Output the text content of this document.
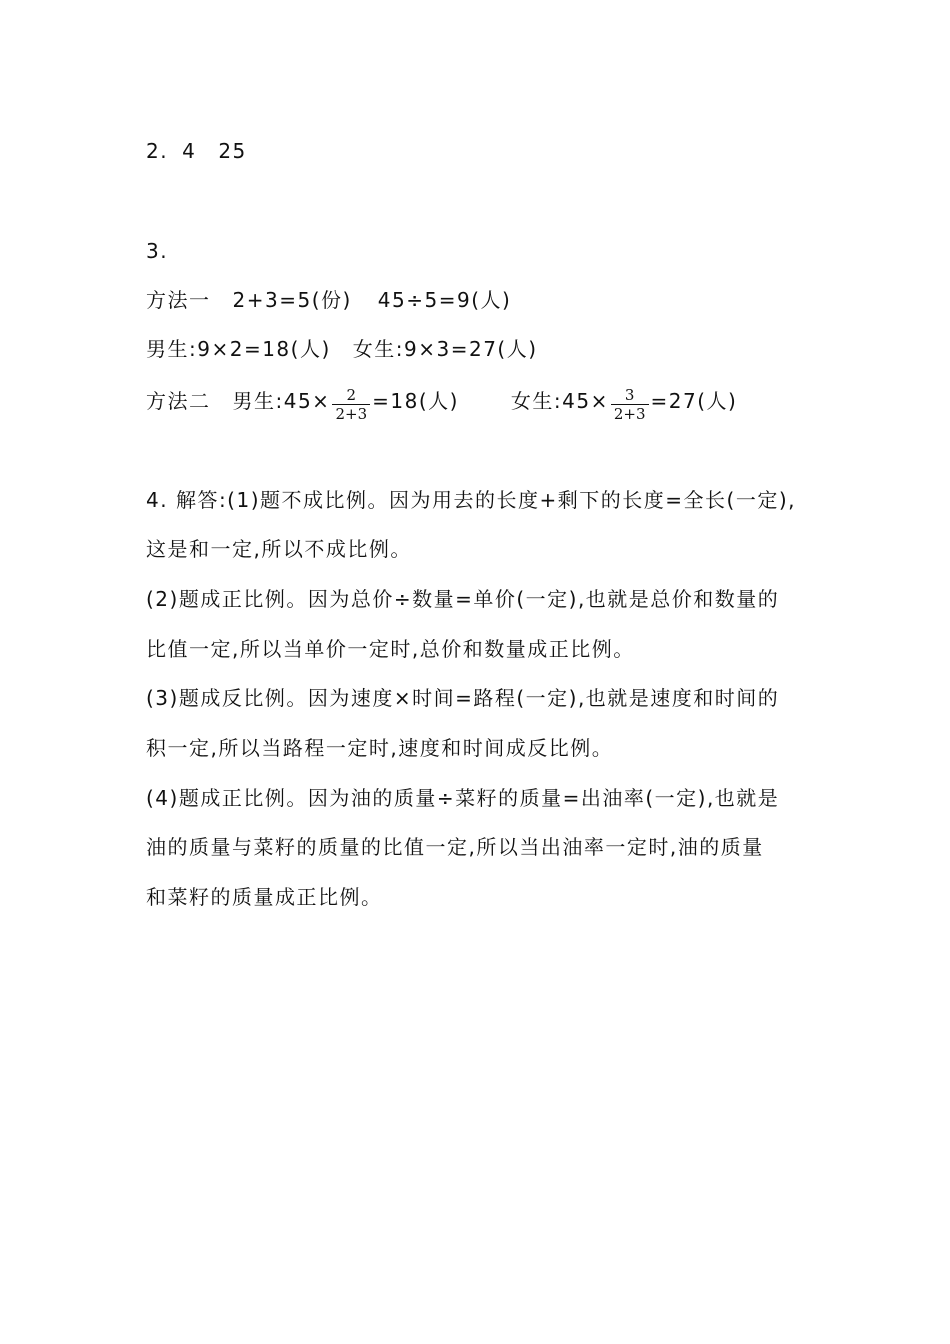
2. 4 25
3.
方法一 2+3=5(份) 45÷5=9(人)
男生:9×2=18(人) 女生:9×3=27(人)
方法二 男生:45× $\frac{2}{2+3} =18$(人)	女生:45× $\frac{3}{2+3} =27$(人)
4. 解答:(1)题不成比例。因为用去的长度+剩下的长度=全长(一定),
这是和一定,所以不成比例。
(2)题成正比例。因为总价÷数量=单价(一定),也就是总价和数量的
比值一定,所以当单价一定时,总价和数量成正比例。
(3)题成反比例。因为速度×时间=路程(一定),也就是速度和时间的
积一定,所以当路程一定时,速度和时间成反比例。
(4)题成正比例。因为油的质量÷菜籽的质量=出油率(一定),也就是
油的质量与菜籽的质量的比值一定,所以当出油率一定时,油的质量
和菜籽的质量成正比例。
